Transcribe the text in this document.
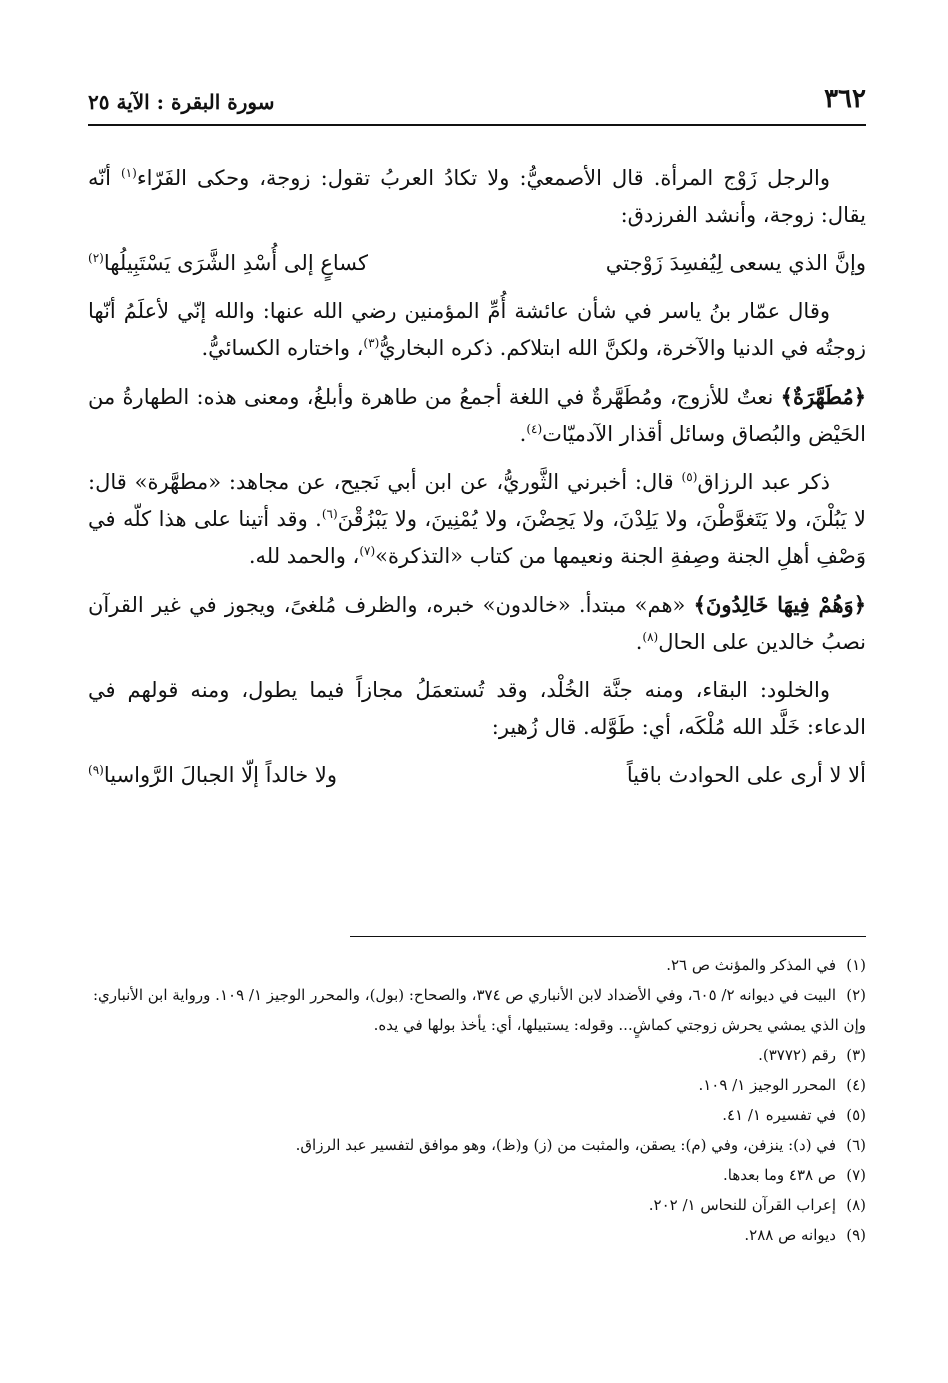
٣٦٢
سورة البقرة : الآية ٢٥

والرجل زَوْج المرأة. قال الأصمعيُّ: ولا تكادُ العربُ تقول: زوجة، وحكى الفَرّاء$^{(١)}$ أنّه يقال: زوجة، وأنشد الفرزدق:

وإنَّ الذي يسعى لِيُفسِدَ زَوْجتي
كساعٍ إلى أُسْدِ الشَّرَى يَسْتَبِيلُها$^{(٢)}$

وقال عمّار بنُ ياسر في شأن عائشة أُمِّ المؤمنين رضي الله عنها: والله إنّي لأعلَمُ أنّها زوجتُه في الدنيا والآخرة، ولكنَّ الله ابتلاكم. ذكره البخاريُّ$^{(٣)}$، واختاره الكسائيُّ.

﴿مُطَهَّرَةٌ﴾ نعتٌ للأزوج، ومُطَهَّرةٌ في اللغة أجمعُ من طاهرة وأبلغُ، ومعنى هذه: الطهارةُ من الحَيْض والبُصاق وسائل أقذار الآدميّات$^{(٤)}$.

ذكر عبد الرزاق$^{(٥)}$ قال: أخبرني الثَّوريُّ، عن ابن أبي نَجيح، عن مجاهد: «مطهَّرة» قال: لا يَبُلْنَ، ولا يَتَغوَّطْنَ، ولا يَلِدْنَ، ولا يَحِضْنَ، ولا يُمْنِينَ، ولا يَبْزُقْنَ$^{(٦)}$. وقد أتينا على هذا كلّه في وَصْفِ أهلِ الجنة وصِفةِ الجنة ونعيمها من كتاب «التذكرة»$^{(٧)}$، والحمد لله.

﴿وَهُمْ فِيهَا خَالِدُونَ﴾ «هم» مبتدأ. «خالدون» خبره، والظرف مُلغىً، ويجوز في غير القرآن نصبُ خالدين على الحال$^{(٨)}$.

والخلود: البقاء، ومنه جنَّة الخُلْد، وقد تُستعمَلُ مجازاً فيما يطول، ومنه قولهم في الدعاء: خَلَّد الله مُلْكَه، أي: طَوَّله. قال زُهير:

ألا لا أرى على الحوادث باقياً
ولا خالداً إلّا الجبالَ الرَّواسيا$^{(٩)}$

(١)في المذكر والمؤنث ص ٢٦.

(٢)البيت في ديوانه ٢/ ٦٠٥، وفي الأضداد لابن الأنباري ص ٣٧٤، والصحاح: (بول)، والمحرر الوجيز ١/ ١٠٩. ورواية ابن الأنباري: وإن الذي يمشي يحرش زوجتي كماشٍ... وقوله: يستبيلها، أي: يأخذ بولها في يده.

(٣)رقم (٣٧٧٢).

(٤)المحرر الوجيز ١/ ١٠٩.

(٥)في تفسيره ١/ ٤١.

(٦)في (د): ينزفن، وفي (م): يصقن، والمثبت من (ز) و(ظ)، وهو موافق لتفسير عبد الرزاق.

(٧)ص ٤٣٨ وما بعدها.

(٨)إعراب القرآن للنحاس ١/ ٢٠٢.

(٩)ديوانه ص ٢٨٨.
